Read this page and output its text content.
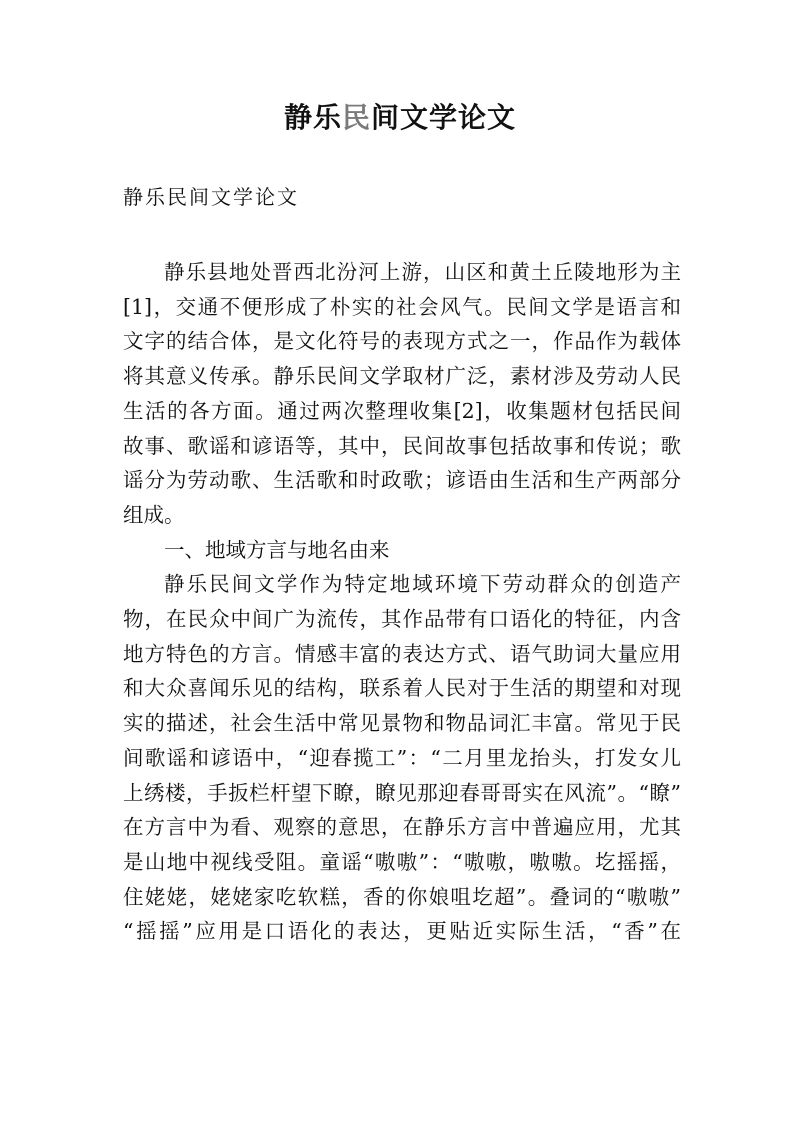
静乐民间文学论文

静乐民间文学论文

静乐县地处晋西北汾河上游，山区和黄土丘陵地形为主
[1]，交通不便形成了朴实的社会风气。民间文学是语言和
文字的结合体，是文化符号的表现方式之一，作品作为载体
将其意义传承。静乐民间文学取材广泛，素材涉及劳动人民
生活的各方面。通过两次整理收集[2]，收集题材包括民间
故事、歌谣和谚语等，其中，民间故事包括故事和传说；歌
谣分为劳动歌、生活歌和时政歌；谚语由生活和生产两部分
组成。

一、地域方言与地名由来

静乐民间文学作为特定地域环境下劳动群众的创造产
物，在民众中间广为流传，其作品带有口语化的特征，内含
地方特色的方言。情感丰富的表达方式、语气助词大量应用
和大众喜闻乐见的结构，联系着人民对于生活的期望和对现
实的描述，社会生活中常见景物和物品词汇丰富。常见于民
间歌谣和谚语中，“迎春揽工”：“二月里龙抬头，打发女儿
上绣楼，手扳栏杆望下瞭，瞭见那迎春哥哥实在风流”。“瞭”
在方言中为看、观察的意思，在静乐方言中普遍应用，尤其
是山地中视线受阻。童谣“嗷嗷”：“嗷嗷，嗷嗷。圪摇摇，
住姥姥，姥姥家吃软糕，香的你娘咀圪超”。叠词的“嗷嗷”
“摇摇”应用是口语化的表达，更贴近实际生活，“香”在
